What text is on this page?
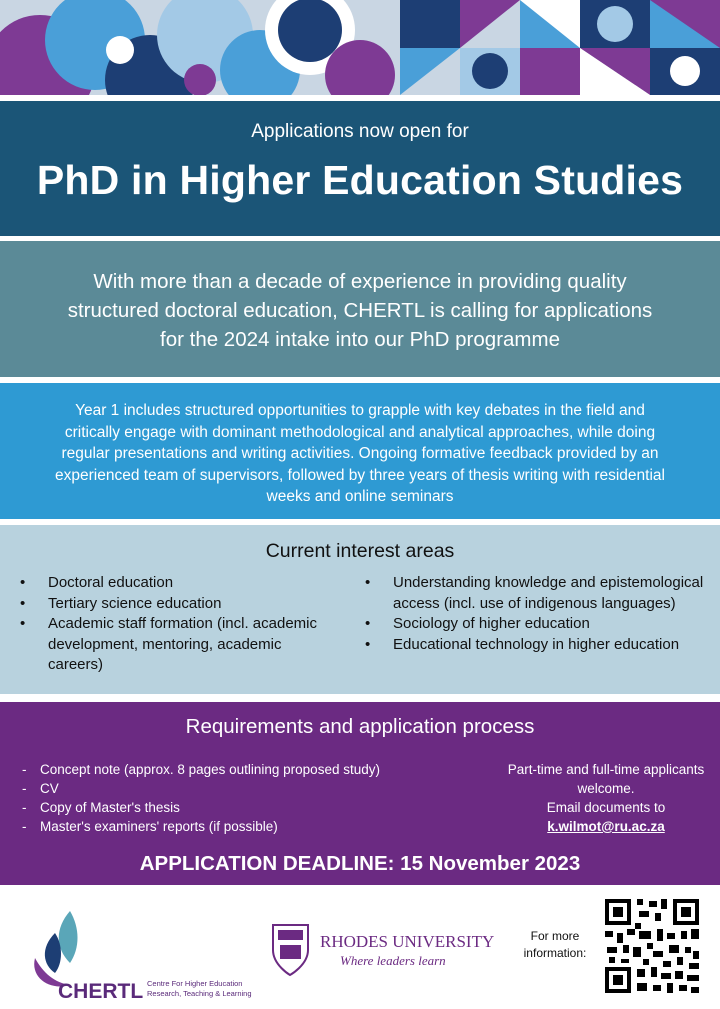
Applications now open for
PhD in Higher Education Studies
With more than a decade of experience in providing quality
structured doctoral education, CHERTL is calling for applications
for the 2024 intake into our PhD programme
Year 1 includes structured opportunities to grapple with key debates in the field and
critically engage with dominant methodological and analytical approaches, while doing
regular presentations and writing activities. Ongoing formative feedback provided by an
experienced team of supervisors, followed by three years of thesis writing with residential
weeks and online seminars
Current interest areas
• Doctoral education
• Tertiary science education
• Academic staff formation (incl. academic development, mentoring, academic careers)
• Understanding knowledge and epistemological access (incl. use of indigenous languages)
• Sociology of higher education
• Educational technology in higher education
Requirements and application process
- Concept note (approx. 8 pages outlining proposed study)
- CV
- Copy of Master's thesis
- Master's examiners' reports (if possible)
Part-time and full-time applicants
welcome.
Email documents to
k.wilmot@ru.ac.za
APPLICATION DEADLINE: 15 November 2023
CHERTL Centre For Higher Education
Research, Teaching & Learning
RHODES UNIVERSITY
Where leaders learn
For more
information:
